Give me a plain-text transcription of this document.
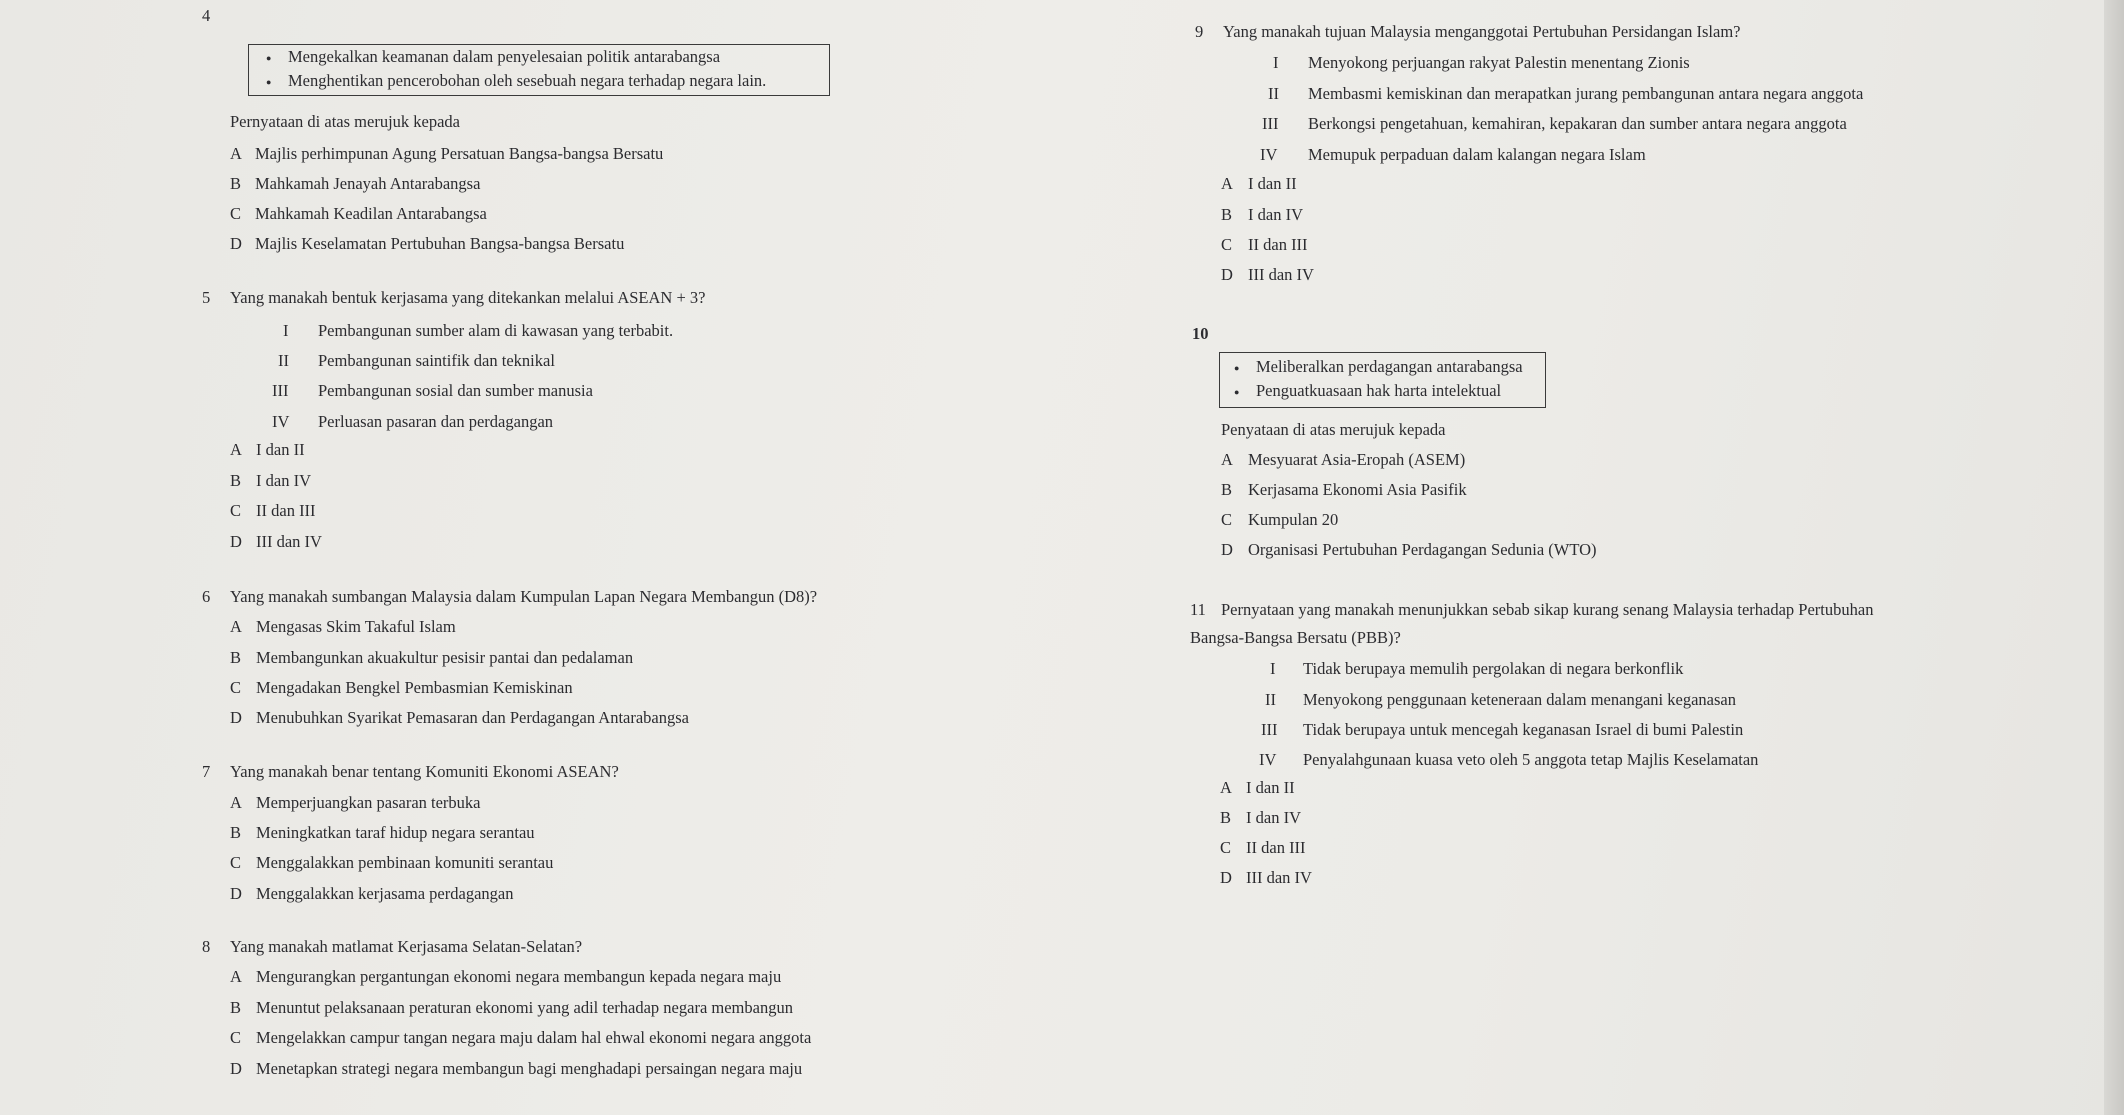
4
● Mengekalkan keamanan dalam penyelesaian politik antarabangsa
● Menghentikan pencerobohan oleh sesebuah negara terhadap negara lain.
Pernyataan di atas merujuk kepada
A Majlis perhimpunan Agung Persatuan Bangsa-bangsa Bersatu
B Mahkamah Jenayah Antarabangsa
C Mahkamah Keadilan Antarabangsa
D Majlis Keselamatan Pertubuhan Bangsa-bangsa Bersatu
5 Yang manakah bentuk kerjasama yang ditekankan melalui ASEAN + 3?
I Pembangunan sumber alam di kawasan yang terbabit.
II Pembangunan saintifik dan teknikal
III Pembangunan sosial dan sumber manusia
IV Perluasan pasaran dan perdagangan
A I dan II
B I dan IV
C II dan III
D III dan IV
6 Yang manakah sumbangan Malaysia dalam Kumpulan Lapan Negara Membangun (D8)?
A Mengasas Skim Takaful Islam
B Membangunkan akuakultur pesisir pantai dan pedalaman
C Mengadakan Bengkel Pembasmian Kemiskinan
D Menubuhkan Syarikat Pemasaran dan Perdagangan Antarabangsa
7 Yang manakah benar tentang Komuniti Ekonomi ASEAN?
A Memperjuangkan pasaran terbuka
B Meningkatkan taraf hidup negara serantau
C Menggalakkan pembinaan komuniti serantau
D Menggalakkan kerjasama perdagangan
8 Yang manakah matlamat Kerjasama Selatan-Selatan?
A Mengurangkan pergantungan ekonomi negara membangun kepada negara maju
B Menuntut pelaksanaan peraturan ekonomi yang adil terhadap negara membangun
C Mengelakkan campur tangan negara maju dalam hal ehwal ekonomi negara anggota
D Menetapkan strategi negara membangun bagi menghadapi persaingan negara maju
9 Yang manakah tujuan Malaysia menganggotai Pertubuhan Persidangan Islam?
I Menyokong perjuangan rakyat Palestin menentang Zionis
II Membasmi kemiskinan dan merapatkan jurang pembangunan antara negara anggota
III Berkongsi pengetahuan, kemahiran, kepakaran dan sumber antara negara anggota
IV Memupuk perpaduan dalam kalangan negara Islam
A I dan II
B I dan IV
C II dan III
D III dan IV
10
● Meliberalkan perdagangan antarabangsa
● Penguatkuasaan hak harta intelektual
Penyataan di atas merujuk kepada
A Mesyuarat Asia-Eropah (ASEM)
B Kerjasama Ekonomi Asia Pasifik
C Kumpulan 20
D Organisasi Pertubuhan Perdagangan Sedunia (WTO)
11 Pernyataan yang manakah menunjukkan sebab sikap kurang senang Malaysia terhadap Pertubuhan
Bangsa-Bangsa Bersatu (PBB)?
I Tidak berupaya memulih pergolakan di negara berkonflik
II Menyokong penggunaan keteneraan dalam menangani keganasan
III Tidak berupaya untuk mencegah keganasan Israel di bumi Palestin
IV Penyalahgunaan kuasa veto oleh 5 anggota tetap Majlis Keselamatan
A I dan II
B I dan IV
C II dan III
D III dan IV
